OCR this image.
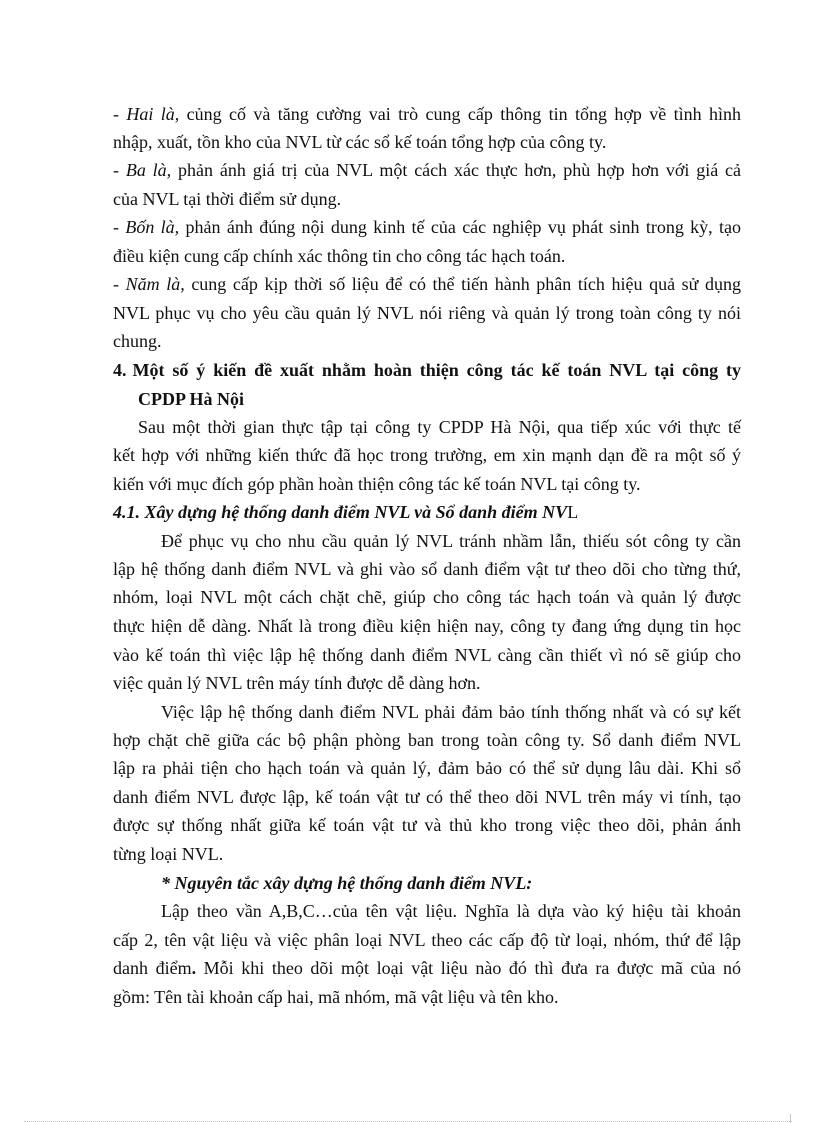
- Hai là, củng cố và tăng cường vai trò cung cấp thông tin tổng hợp về tình hình
nhập, xuất, tồn kho của NVL từ các sổ kế toán tổng hợp của công ty.
- Ba là, phản ánh giá trị của NVL một cách xác thực hơn, phù hợp hơn với giá cả
của NVL tại thời điểm sử dụng.
- Bốn là, phản ánh đúng nội dung kinh tế của các nghiệp vụ phát sinh trong kỳ, tạo
điều kiện cung cấp chính xác thông tin cho công tác hạch toán.
- Năm là, cung cấp kịp thời số liệu để có thể tiến hành phân tích hiệu quả sử dụng
NVL phục vụ cho yêu cầu quản lý NVL nói riêng và quản lý trong toàn công ty nói
chung.
4. Một số ý kiến đề xuất nhằm hoàn thiện công tác kế toán NVL tại công ty
CPDP Hà Nội
Sau một thời gian thực tập tại công ty CPDP Hà Nội, qua tiếp xúc với thực tế
kết hợp với những kiến thức đã học trong trường, em xin mạnh dạn đề ra một số ý
kiến với mục đích góp phần hoàn thiện công tác kế toán NVL tại công ty.
4.1. Xây dựng hệ thống danh điểm NVL và Sổ danh điểm NVL
Để phục vụ cho nhu cầu quản lý NVL tránh nhầm lẫn, thiếu sót công ty cần
lập hệ thống danh điểm NVL và ghi vào sổ danh điểm vật tư theo dõi cho từng thứ,
nhóm, loại NVL một cách chặt chẽ, giúp cho công tác hạch toán và quản lý được
thực hiện dễ dàng. Nhất là trong điều kiện hiện nay, công ty đang ứng dụng tin học
vào kế toán thì việc lập hệ thống danh điểm NVL càng cần thiết vì nó sẽ giúp cho
việc quản lý NVL trên máy tính được dễ dàng hơn.
Việc lập hệ thống danh điểm NVL phải đảm bảo tính thống nhất và có sự kết
hợp chặt chẽ giữa các bộ phận phòng ban trong toàn công ty. Sổ danh điểm NVL
lập ra phải tiện cho hạch toán và quản lý, đảm bảo có thể sử dụng lâu dài. Khi sổ
danh điểm NVL được lập, kế toán vật tư có thể theo dõi NVL trên máy vi tính, tạo
được sự thống nhất giữa kế toán vật tư và thủ kho trong việc theo dõi, phản ánh
từng loại NVL.
* Nguyên tắc xây dựng hệ thống danh điểm NVL:
Lập theo vần A,B,C…của tên vật liệu. Nghĩa là dựa vào ký hiệu tài khoản
cấp 2, tên vật liệu và việc phân loại NVL theo các cấp độ từ loại, nhóm, thứ để lập
danh điểm. Mỗi khi theo dõi một loại vật liệu nào đó thì đưa ra được mã của nó
gồm: Tên tài khoản cấp hai, mã nhóm, mã vật liệu và tên kho.
